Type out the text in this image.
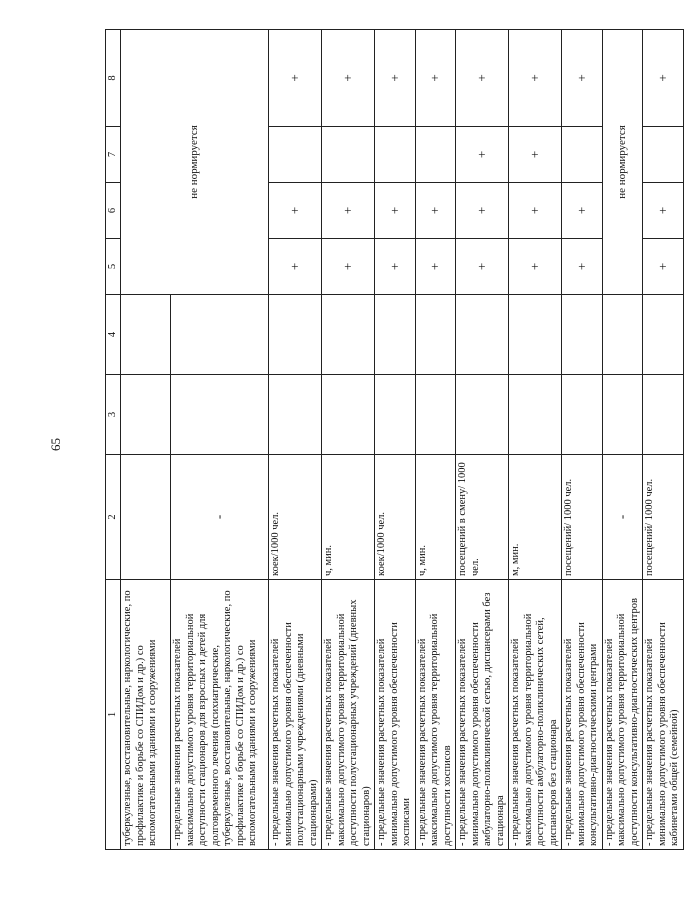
65
1	2	3	4	5	6	7	8
туберкулезные, восстановительные, наркологические, по профилактике и борьбе со СПИДом и др.) со вспомогательными зданиями и сооружениями				не нормируется			
- предельные значения расчетных показателей максимально допустимого уровня территориальной доступности стационаров для взрослых и детей для долговременного лечения (психиатрические, туберкулезные, восстановительные, наркологические, по профилактике и борьбе со СПИДом и др.) со вспомогательными зданиями и сооружениями	-						
- предельные значения расчетных показателей минимально допустимого уровня обеспеченности полустационарными учреждениями (дневными стационарами)	коек/1000 чел.			+	+		+
- предельные значения расчетных показателей максимально допустимого уровня территориальной доступности полустационарных учреждений (дневных стационаров)	ч, мин.			+	+		+
- предельные значения расчетных показателей минимально допустимого уровня обеспеченности хосписами	коек/1000 чел.			+	+		+
- предельные значения расчетных показателей максимально допустимого уровня территориальной доступности хосписов	ч, мин.			+	+		+
- предельные значения расчетных показателей минимально допустимого уровня обеспеченности амбулаторно-поликлинической сетью, диспансерами без стационара	посещений в смену/ 1000 чел.			+	+	+	+
- предельные значения расчетных показателей максимально допустимого уровня территориальной доступности амбулаторно-поликлинических сетей, диспансеров без стационара	м, мин.			+	+	+	+
- предельные значения расчетных показателей минимально допустимого уровня обеспеченности консультативно-диагностическими центрами	посещений/ 1000 чел.			+	+		+
- предельные значения расчетных показателей максимально допустимого уровня территориальной доступности консультативно-диагностических центров	-			не нормируется			
- предельные значения расчетных показателей минимально допустимого уровня обеспеченности кабинетами общей (семейной)	посещений/ 1000 чел.			+	+		+
